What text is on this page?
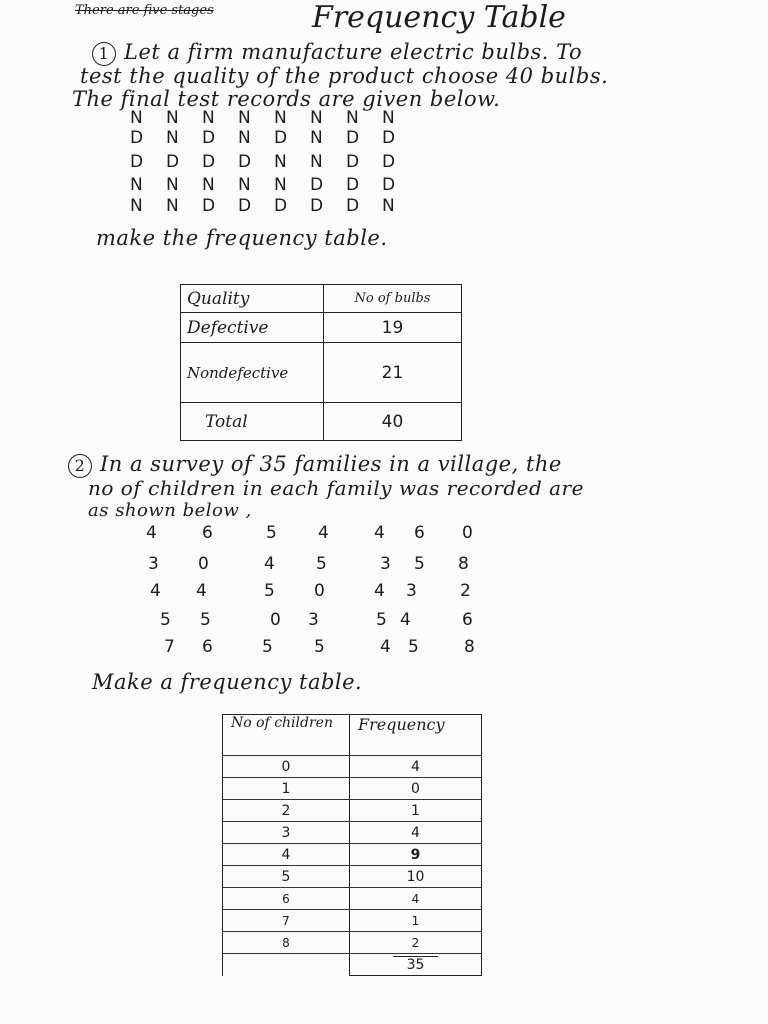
There are five stages	Frequency Table
1 Let a firm manufacture electric bulbs. To
test the quality of the product choose 40 bulbs.
The final test records are given below.
N	N	N	N	N	N	N	N
D	N	D	N	D	N	D	D
D	D	D	D	N	N	D	D
N	N	N	N	N	D	D	D
N	N	D	D	D	D	D	N
make the frequency table.
Quality	No of bulbs
Defective	19
Nondefective	21
Total	40
2 In a survey of 35 families in a village, the
no of children in each family was recorded are
as shown below ,
4	6	5 4	4 6 0
3 0	4 5	3 5 8
4 4	5 0	4 3	2
5 5	0 3	5 4	6
7 6	5 5	4 5	8
Make a frequency table.
No of children	Frequency
0	4
1	0
2	1
3	4
4	9
5	10
6	4
7	1
8	2
	35
